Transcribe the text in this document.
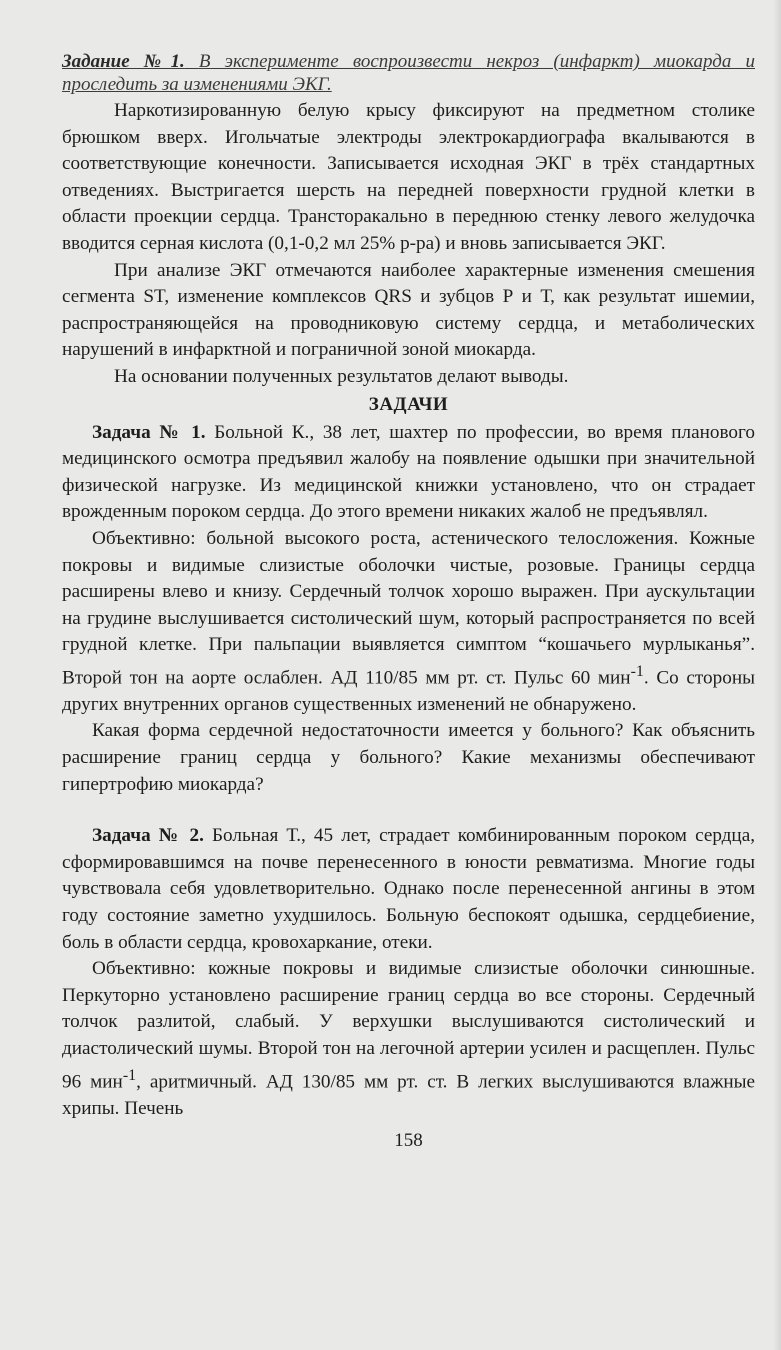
Задание №1. В эксперименте воспроизвести некроз (инфаркт) миокарда и проследить за изменениями ЭКГ.

Наркотизированную белую крысу фиксируют на предметном столике брюшком вверх. Игольчатые электроды электрокардиографа вкалываются в соответствующие конечности. Записывается исходная ЭКГ в трёх стандартных отведениях. Выстригается шерсть на передней поверхности грудной клетки в области проекции сердца. Трансторакально в переднюю стенку левого желудочка вводится серная кислота (0,1-0,2 мл 25% р-ра) и вновь записывается ЭКГ.

При анализе ЭКГ отмечаются наиболее характерные изменения смешения сегмента ST, изменение комплексов QRS и зубцов Р и Т, как результат ишемии, распространяющейся на проводниковую систему сердца, и метаболических нарушений в инфарктной и пограничной зоной миокарда.

На основании полученных результатов делают выводы.

ЗАДАЧИ

Задача № 1. Больной К., 38 лет, шахтер по профессии, во время планового медицинского осмотра предъявил жалобу на появление одышки при значительной физической нагрузке. Из медицинской книжки установлено, что он страдает врожденным пороком сердца. До этого времени никаких жалоб не предъявлял.

Объективно: больной высокого роста, астенического телосложения. Кожные покровы и видимые слизистые оболочки чистые, розовые. Границы сердца расширены влево и книзу. Сердечный толчок хорошо выражен. При аускультации на грудине выслушивается систолический шум, который распространяется по всей грудной клетке. При пальпации выявляется симптом “кошачьего мурлыканья”. Второй тон на аорте ослаблен. АД 110/85 мм рт. ст. Пульс 60 мин$^{-1}$. Со стороны других внутренних органов существенных изменений не обнаружено.

Какая форма сердечной недостаточности имеется у больного? Как объяснить расширение границ сердца у больного? Какие механизмы обеспечивают гипертрофию миокарда?

Задача № 2. Больная Т., 45 лет, страдает комбинированным пороком сердца, сформировавшимся на почве перенесенного в юности ревматизма. Многие годы чувствовала себя удовлетворительно. Однако после перенесенной ангины в этом году состояние заметно ухудшилось. Больную беспокоят одышка, сердцебиение, боль в области сердца, кровохаркание, отеки.

Объективно: кожные покровы и видимые слизистые оболочки синюшные. Перкуторно установлено расширение границ сердца во все стороны. Сердечный толчок разлитой, слабый. У верхушки выслушиваются систолический и диастолический шумы. Второй тон на легочной артерии усилен и расщеплен. Пульс 96 мин$^{-1}$, аритмичный. АД 130/85 мм рт. ст. В легких выслушиваются влажные хрипы. Печень

158
